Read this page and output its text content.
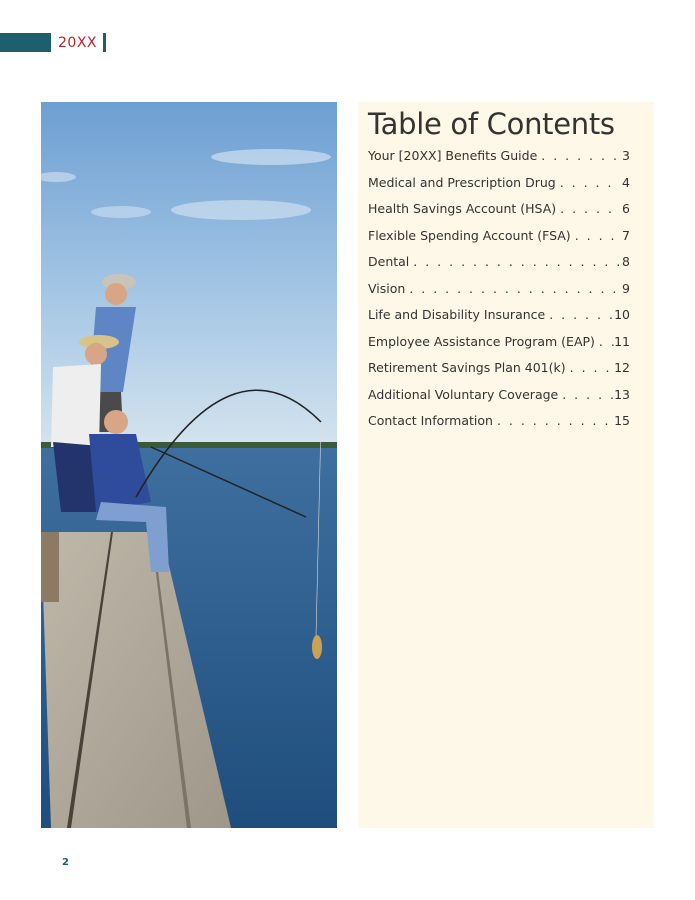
20XX
Table of Contents
Your [20XX] Benefits Guide . . .	3
Medical and Prescription Drug . . .	4
Health Savings Account (HSA) . . .	6
Flexible Spending Account (FSA) . . .	7
Dental . . .	8
Vision . . .	9
Life and Disability Insurance . . .	10
Employee Assistance Program (EAP) . . . 11
Retirement Savings Plan 401(k) . . .	12
Additional Voluntary Coverage . . .	13
Contact Information . . .	15
2
